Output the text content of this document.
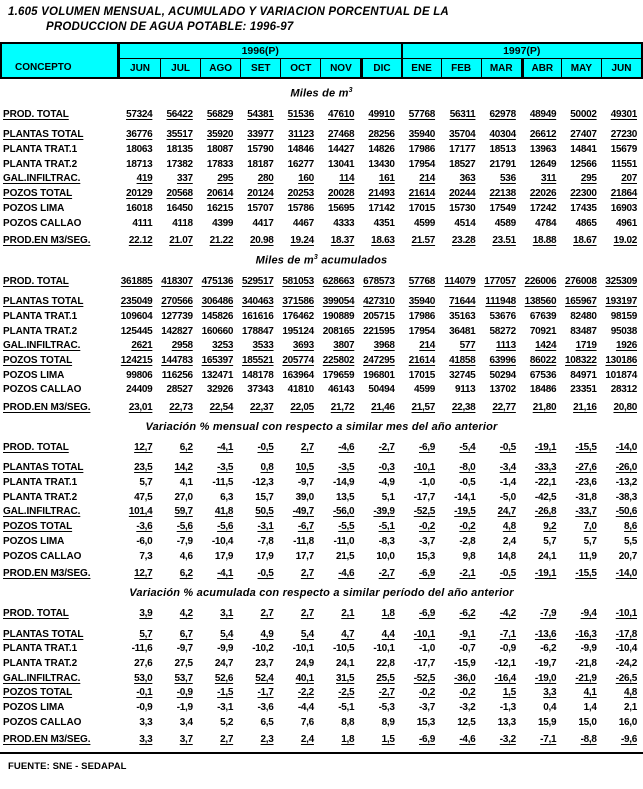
1.605 VOLUMEN MENSUAL, ACUMULADO Y VARIACION PORCENTUAL DE LA
PRODUCCION DE AGUA POTABLE: 1996-97
CONCEPTO
1996(P)	1997(P)
JUN	JUL	AGO	SET	OCT	NOV	DIC	ENE	FEB	MAR	ABR	MAY	JUN
Miles de $m^3$
PROD. TOTAL	57324	56422	56829	54381	51536	47610	49910	57768	56311	62978	48949	50002	49301
PLANTAS TOTAL	36776	35517	35920	33977	31123	27468	28256	35940	35704	40304	26612	27407	27230
PLANTA TRAT.1	18063	18135	18087	15790	14846	14427	14826	17986	17177	18513	13963	14841	15679
PLANTA TRAT.2	18713	17382	17833	18187	16277	13041	13430	17954	18527	21791	12649	12566	11551
GAL.INFILTRAC.	419	337	295	280	160	114	161	214	363	536	311	295	207
POZOS TOTAL	20129	20568	20614	20124	20253	20028	21493	21614	20244	22138	22026	22300	21864
POZOS LIMA	16018	16450	16215	15707	15786	15695	17142	17015	15730	17549	17242	17435	16903
POZOS CALLAO	4111	4118	4399	4417	4467	4333	4351	4599	4514	4589	4784	4865	4961
PROD.EN M3/SEG.	22.12	21.07	21.22	20.98	19.24	18.37	18.63	21.57	23.28	23.51	18.88	18.67	19.02
Miles de $m^3$ acumulados
PROD. TOTAL	361885 418307 475136 529517 581053 628663 678573	57768 114079 177057 226006 276008 325309
PLANTAS TOTAL	235049 270566 306486 340463 371586 399054 427310	35940	71644 111948 138560 165967 193197
PLANTA TRAT.1	109604 127739 145826 161616 176462 190889 205715	17986	35163	53676	67639	82480	98159
PLANTA TRAT.2	125445 142827 160660 178847 195124 208165 221595	17954	36481	58272	70921	83487	95038
GAL.INFILTRAC.	2621	2958	3253	3533	3693	3807	3968	214	577	1113	1424	1719	1926
POZOS TOTAL	124215 144783 165397 185521 205774 225802 247295	21614	41858	63996	86022 108322 130186
POZOS LIMA	99806 116256 132471 148178 163964 179659 196801	17015	32745	50294	67536	84971 101874
POZOS CALLAO	24409	28527	32926	37343	41810	46143	50494	4599	9113	13702	18486	23351	28312
PROD.EN M3/SEG.	23,01	22,73	22,54	22,37	22,05	21,72	21,46	21,57	22,38	22,77	21,80	21,16	20,80
Variación % mensual con respecto a similar mes del año anterior
PROD. TOTAL	12,7	6,2	-4,1	-0,5	2,7	-4,6	-2,7	-6,9	-5,4	-0,5	-19,1	-15,5	-14,0
PLANTAS TOTAL	23,5	14,2	-3,5	0,8	10,5	-3,5	-0,3	-10,1	-8,0	-3,4	-33,3	-27,6	-26,0
PLANTA TRAT.1	5,7	4,1	-11,5	-12,3	-9,7	-14,9	-4,9	-1,0	-0,5	-1,4	-22,1	-23,6	-13,2
PLANTA TRAT.2	47,5	27,0	6,3	15,7	39,0	13,5	5,1	-17,7	-14,1	-5,0	-42,5	-31,8	-38,3
GAL.INFILTRAC.	101,4	59,7	41,8	50,5	-49,7	-56,0	-39,9	-52,5	-19,5	24,7	-26,8	-33,7	-50,6
POZOS TOTAL	-3,6	-5,6	-5,6	-3,1	-6,7	-5,5	-5,1	-0,2	-0,2	4,8	9,2	7,0	8,6
POZOS LIMA	-6,0	-7,9	-10,4	-7,8	-11,8	-11,0	-8,3	-3,7	-2,8	2,4	5,7	5,7	5,5
POZOS CALLAO	7,3	4,6	17,9	17,9	17,7	21,5	10,0	15,3	9,8	14,8	24,1	11,9	20,7
PROD.EN M3/SEG.	12,7	6,2	-4,1	-0,5	2,7	-4,6	-2,7	-6,9	-2,1	-0,5	-19,1	-15,5	-14,0
Variación % acumulada con respecto a similar período del año anterior
PROD. TOTAL	3,9	4,2	3,1	2,7	2,7	2,1	1,8	-6,9	-6,2	-4,2	-7,9	-9,4	-10,1
PLANTAS TOTAL	5,7	6,7	5,4	4,9	5,4	4,7	4,4	-10,1	-9,1	-7,1	-13,6	-16,3	-17,8
PLANTA TRAT.1	-11,6	-9,7	-9,9	-10,2	-10,1	-10,5	-10,1	-1,0	-0,7	-0,9	-6,2	-9,9	-10,4
PLANTA TRAT.2	27,6	27,5	24,7	23,7	24,9	24,1	22,8	-17,7	-15,9	-12,1	-19,7	-21,8	-24,2
GAL.INFILTRAC.	53,0	53,7	52,6	52,4	40,1	31,5	25,5	-52,5	-36,0	-16,4	-19,0	-21,9	-26,5
POZOS TOTAL	-0,1	-0,9	-1,5	-1,7	-2,2	-2,5	-2,7	-0,2	-0,2	1,5	3,3	4,1	4,8
POZOS LIMA	-0,9	-1,9	-3,1	-3,6	-4,4	-5,1	-5,3	-3,7	-3,2	-1,3	0,4	1,4	2,1
POZOS CALLAO	3,3	3,4	5,2	6,5	7,6	8,8	8,9	15,3	12,5	13,3	15,9	15,0	16,0
PROD.EN M3/SEG.	3,3	3,7	2,7	2,3	2,4	1,8	1,5	-6,9	-4,6	-3,2	-7,1	-8,8	-9,6
FUENTE: SNE - SEDAPAL
